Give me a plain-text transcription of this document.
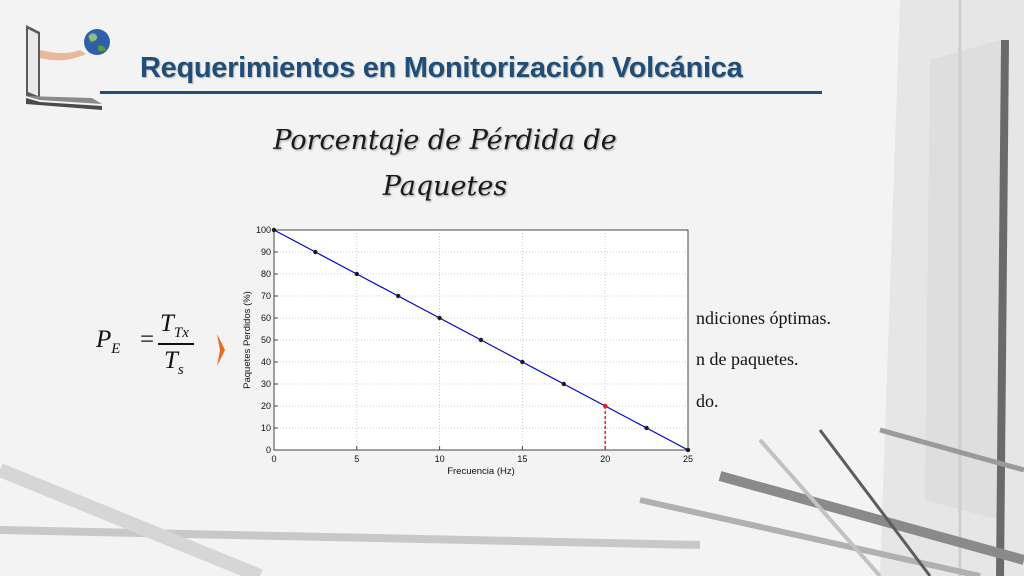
Requerimientos en Monitorización Volcánica
Porcentaje de Pérdida de
Paquetes
$P_E$ =
$T_{Tx}$
$T_s$
ndiciones óptimas.
n de paquetes.
do.
0	5	10	15	20	25
0
10
20
30
40
50
60
70
80
90
100
Frecuencia (Hz)
Paquetes Perdidos (%)
